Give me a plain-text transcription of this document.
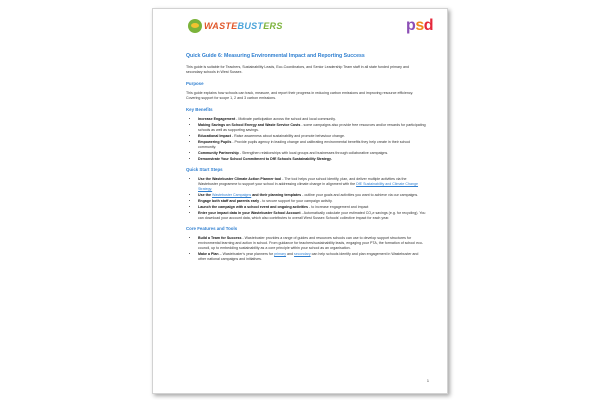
WASTEBUSTERS	psd
Quick Guide 6: Measuring Environmental Impact and Reporting Success

This guide is suitable for Teachers, Sustainability Leads, Eco-Coordinators, and Senior Leadership Team staff in all state funded primary and secondary schools in West Sussex.

Purpose

This guide explains how schools can track, measure, and report their progress in reducing carbon emissions and improving resource efficiency. Covering support for scope 1, 2 and 3 carbon emissions.

Key Benefits
• Increase Engagement - Motivate participation across the school and local community.
• Making Savings on School Energy and Waste Service Costs - some campaigns also provide free resources and/or rewards for participating schools as well as supporting savings.
• Educational Impact - Raise awareness about sustainability and promote behaviour change.
• Empowering Pupils - Provide pupils agency in leading change and calibrating environmental benefits they help create in their school community.
• Community Partnership - Strengthen relationships with local groups and businesses through collaborative campaigns.
• Demonstrate Your School Commitment to DfE Schools Sustainability Strategy.
Quick Start Steps
• Use the Wastebuster Climate Action Planner tool - The tool helps your school identify, plan, and deliver multiple activities via the Wastebuster programme to support your school in addressing climate change in alignment with the DfE Sustainability and Climate Change Strategy.
• Use the Wastebuster Campaigns and their planning templates - outline your goals and activities you want to achieve via our campaigns.
• Engage both staff and parents early - to secure support for your campaign activity.
• Launch the campaign with a school event and ongoing activities - to increase engagement and impact
• Enter your impact data in your Wastebuster School Account - Automatically calculate your estimated CO₂e savings (e.g. for recycling). You can download your account data, which also contributes to overall West Sussex Schools' collective impact for each year.
Core Features and Tools
• Build a Team for Success - Wastebuster provides a range of guides and resources schools can use to develop support structures for environmental learning and action in school. From guidance for teachers/sustainability leads, engaging your PTA, the formation of school eco-council, up to embedding sustainability as a core principle within your school as an organisation.
• Make a Plan – Wastebuster's year planners for primary and secondary can help schools identify and plan engagement in Wastebuster and other national campaigns and initiatives.
1
